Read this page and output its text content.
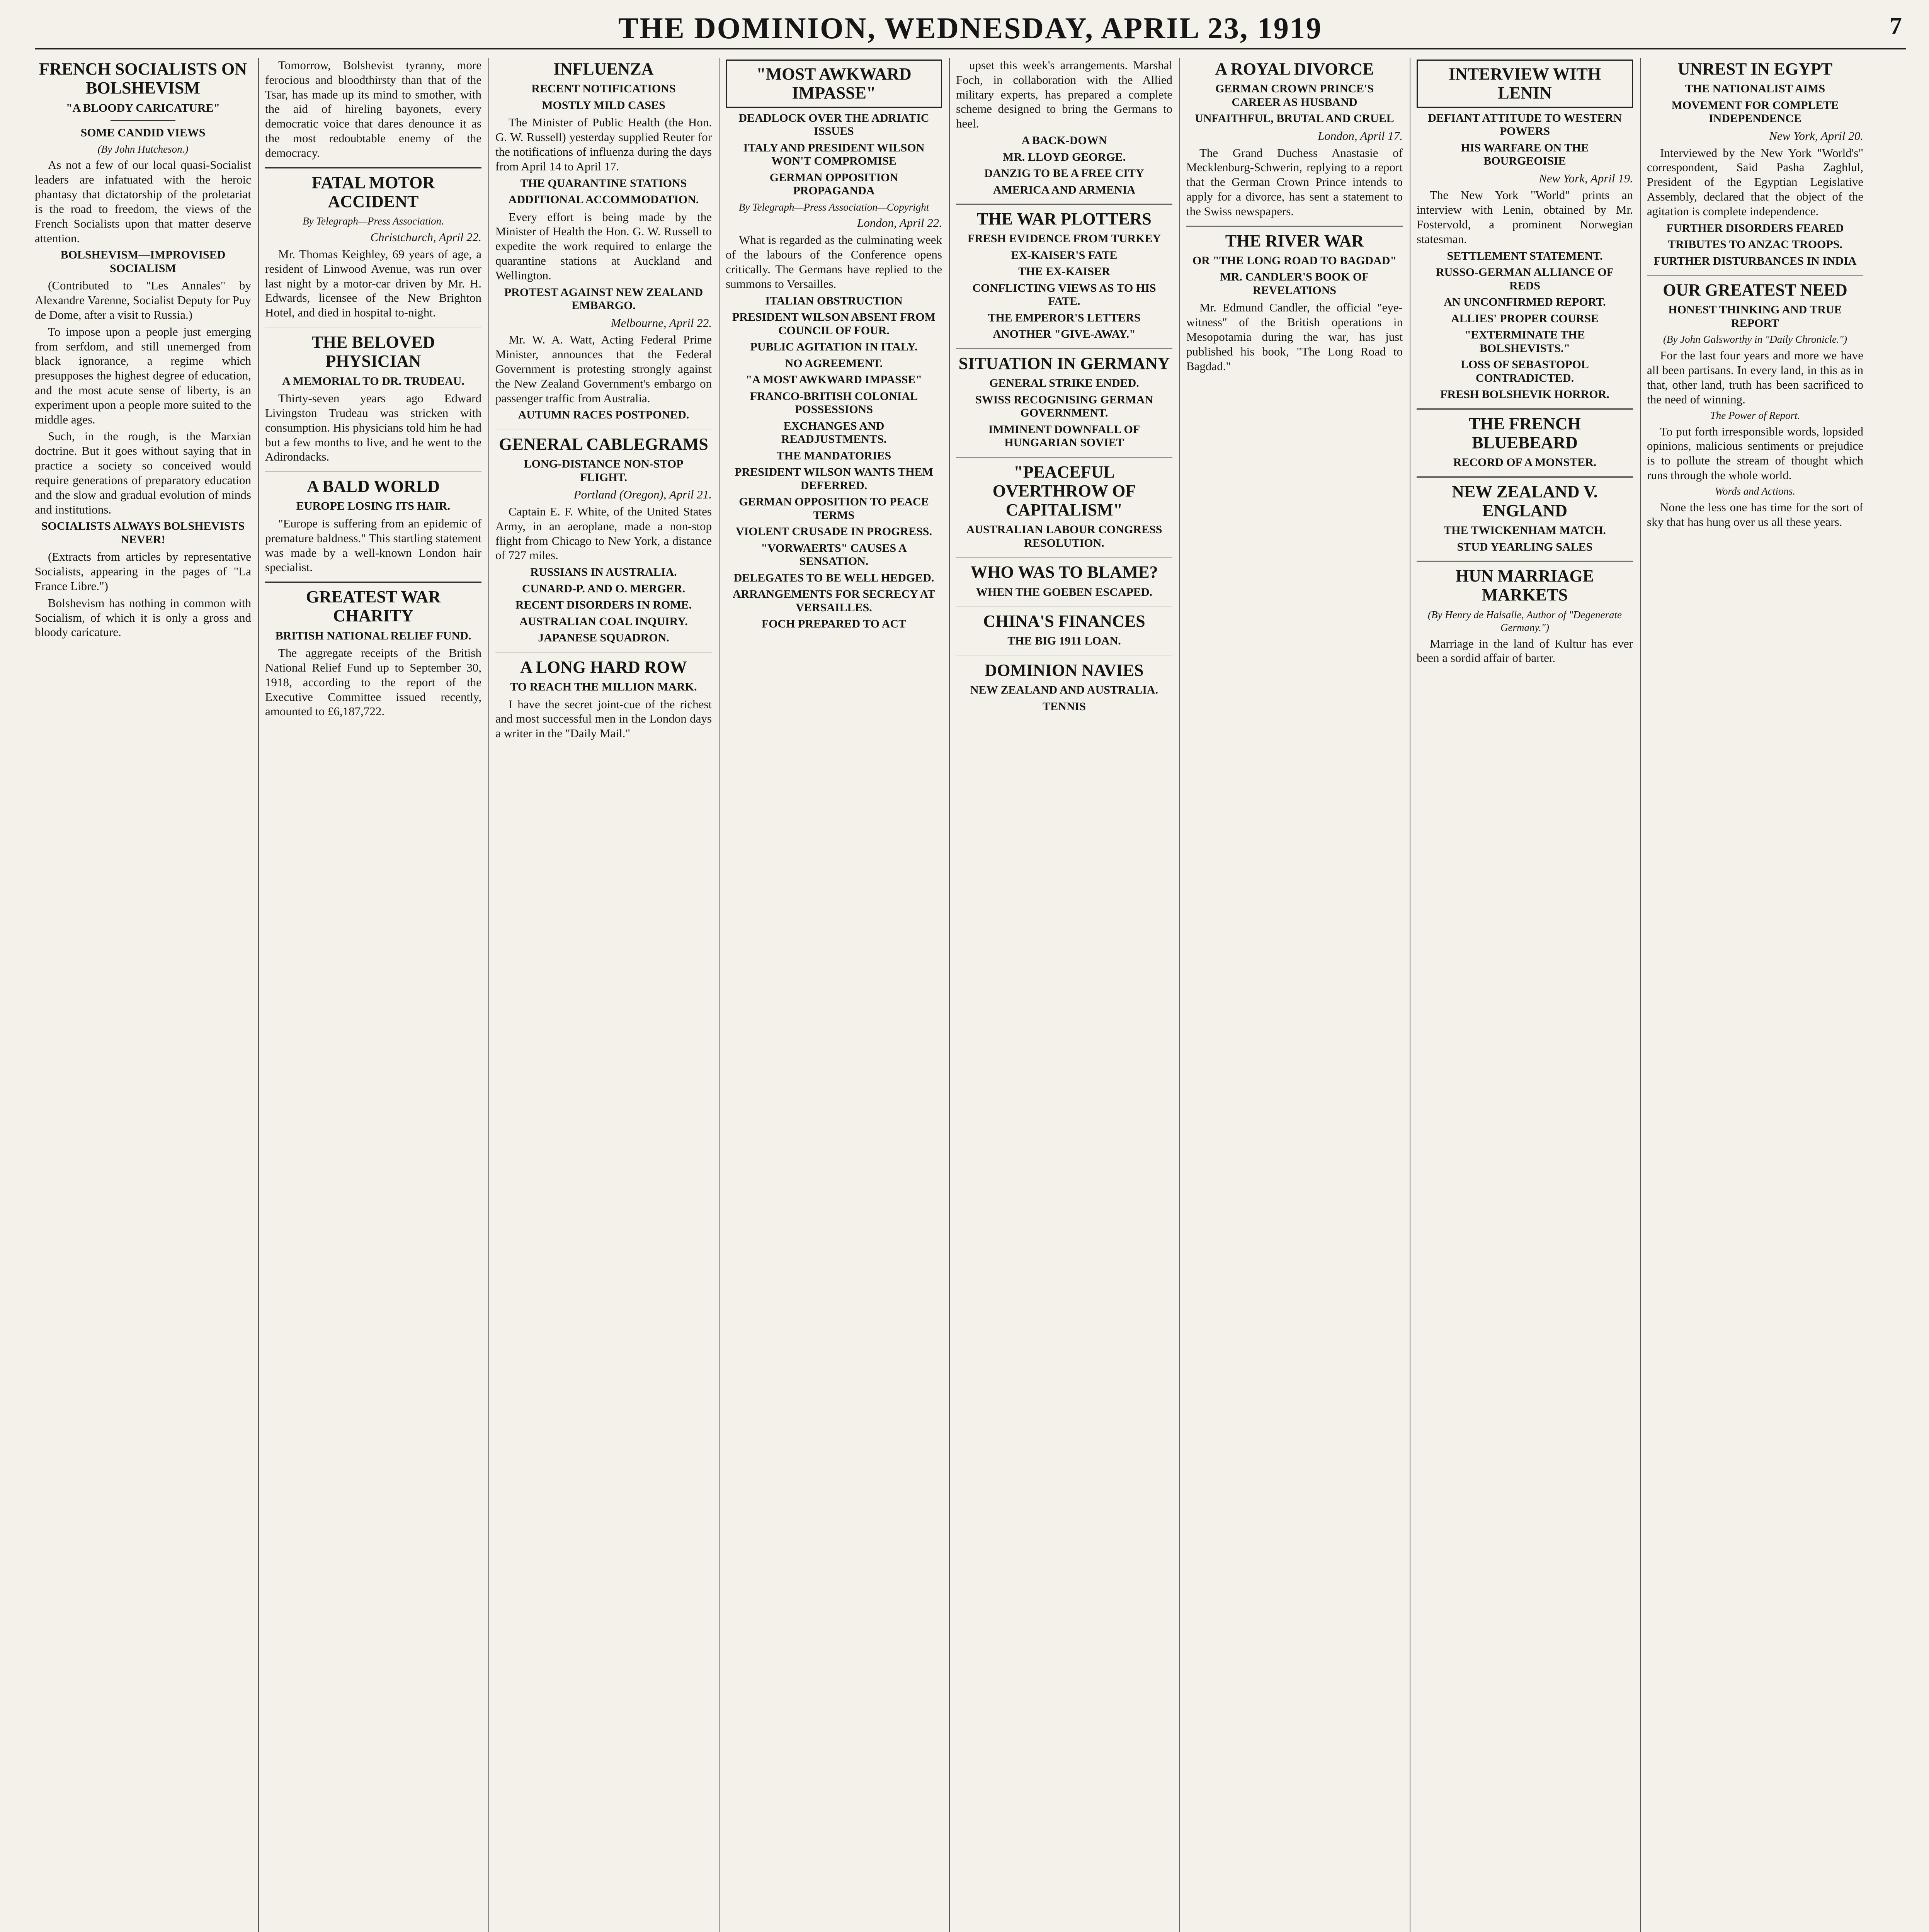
THE DOMINION, WEDNESDAY, APRIL 23, 1919	7
FRENCH SOCIALISTS ON BOLSHEVISM
"A BLOODY CARICATURE"
SOME CANDID VIEWS
(By John Hutcheson.)

As not a few of our local quasi-Socialist leaders are infatuated with the heroic phantasy that dictatorship of the proletariat is the road to freedom, the views of the French Socialists upon that matter deserve attention.

BOLSHEVISM—IMPROVISED SOCIALISM

(Contributed to "Les Annales" by Alexandre Varenne, Socialist Deputy for Puy de Dome, after a visit to Russia.)

To impose upon a people just emerging from serfdom, and still unemerged from black ignorance, a regime which presupposes the highest degree of education, and the most acute sense of liberty, is an experiment upon a people more suited to the middle ages.

Such, in the rough, is the Marxian doctrine. But it goes without saying that in practice a society so conceived would require generations of preparatory education and the slow and gradual evolution of minds and institutions.

SOCIALISTS ALWAYS BOLSHEVISTS NEVER!

(Extracts from articles by representative Socialists, appearing in the pages of "La France Libre.")

Bolshevism has nothing in common with Socialism, of which it is only a gross and bloody caricature.

Tomorrow, Bolshevist tyranny, more ferocious and bloodthirsty than that of the Tsar, has made up its mind to smother, with the aid of hireling bayonets, every democratic voice that dares denounce it as the most redoubtable enemy of the democracy.

FATAL MOTOR ACCIDENT
By Telegraph—Press Association.

Christchurch, April 22.

Mr. Thomas Keighley, 69 years of age, a resident of Linwood Avenue, was run over last night by a motor-car driven by Mr. H. Edwards, licensee of the New Brighton Hotel, and died in hospital to-night.

THE BELOVED PHYSICIAN
A MEMORIAL TO DR. TRUDEAU.

Thirty-seven years ago Edward Livingston Trudeau was stricken with consumption. His physicians told him he had but a few months to live, and he went to the Adirondacks.

A BALD WORLD
EUROPE LOSING ITS HAIR.

"Europe is suffering from an epidemic of premature baldness." This startling statement was made by a well-known London hair specialist.

GREATEST WAR CHARITY
BRITISH NATIONAL RELIEF FUND.

The aggregate receipts of the British National Relief Fund up to September 30, 1918, according to the report of the Executive Committee issued recently, amounted to £6,187,722.

INFLUENZA
RECENT NOTIFICATIONS
MOSTLY MILD CASES

The Minister of Public Health (the Hon. G. W. Russell) yesterday supplied Reuter for the notifications of influenza during the days from April 14 to April 17.

THE QUARANTINE STATIONS
ADDITIONAL ACCOMMODATION.

Every effort is being made by the Minister of Health the Hon. G. W. Russell to expedite the work required to enlarge the quarantine stations at Auckland and Wellington.

PROTEST AGAINST NEW ZEALAND EMBARGO.

Melbourne, April 22.

Mr. W. A. Watt, Acting Federal Prime Minister, announces that the Federal Government is protesting strongly against the New Zealand Government's embargo on passenger traffic from Australia.

AUTUMN RACES POSTPONED.
GENERAL CABLEGRAMS
LONG-DISTANCE NON-STOP FLIGHT.

Portland (Oregon), April 21.

Captain E. F. White, of the United States Army, in an aeroplane, made a non-stop flight from Chicago to New York, a distance of 727 miles.

RUSSIANS IN AUSTRALIA.
CUNARD-P. AND O. MERGER.
RECENT DISORDERS IN ROME.
AUSTRALIAN COAL INQUIRY.
JAPANESE SQUADRON.
A LONG HARD ROW
TO REACH THE MILLION MARK.

I have the secret joint-cue of the richest and most successful men in the London days a writer in the "Daily Mail."

"MOST AWKWARD IMPASSE"
DEADLOCK OVER THE ADRIATIC ISSUES
ITALY AND PRESIDENT WILSON WON'T COMPROMISE
GERMAN OPPOSITION PROPAGANDA
By Telegraph—Press Association—Copyright

London, April 22.

What is regarded as the culminating week of the labours of the Conference opens critically. The Germans have replied to the summons to Versailles.

ITALIAN OBSTRUCTION
PRESIDENT WILSON ABSENT FROM COUNCIL OF FOUR.
PUBLIC AGITATION IN ITALY.
NO AGREEMENT.
"A MOST AWKWARD IMPASSE"
FRANCO-BRITISH COLONIAL POSSESSIONS
EXCHANGES AND READJUSTMENTS.
THE MANDATORIES
PRESIDENT WILSON WANTS THEM DEFERRED.
GERMAN OPPOSITION TO PEACE TERMS
VIOLENT CRUSADE IN PROGRESS.
"VORWAERTS" CAUSES A SENSATION.
DELEGATES TO BE WELL HEDGED.
ARRANGEMENTS FOR SECRECY AT VERSAILLES.
FOCH PREPARED TO ACT

upset this week's arrangements. Marshal Foch, in collaboration with the Allied military experts, has prepared a complete scheme designed to bring the Germans to heel.

A BACK-DOWN
MR. LLOYD GEORGE.
DANZIG TO BE A FREE CITY
AMERICA AND ARMENIA
THE WAR PLOTTERS
FRESH EVIDENCE FROM TURKEY
EX-KAISER'S FATE
THE EX-KAISER
CONFLICTING VIEWS AS TO HIS FATE.
THE EMPEROR'S LETTERS
ANOTHER "GIVE-AWAY."
SITUATION IN GERMANY
GENERAL STRIKE ENDED.
SWISS RECOGNISING GERMAN GOVERNMENT.
IMMINENT DOWNFALL OF HUNGARIAN SOVIET
"PEACEFUL OVERTHROW OF CAPITALISM"
AUSTRALIAN LABOUR CONGRESS RESOLUTION.
WHO WAS TO BLAME?
WHEN THE GOEBEN ESCAPED.
CHINA'S FINANCES
THE BIG 1911 LOAN.
DOMINION NAVIES
NEW ZEALAND AND AUSTRALIA.
TENNIS
A ROYAL DIVORCE
GERMAN CROWN PRINCE'S CAREER AS HUSBAND
UNFAITHFUL, BRUTAL AND CRUEL

London, April 17.

The Grand Duchess Anastasie of Mecklenburg-Schwerin, replying to a report that the German Crown Prince intends to apply for a divorce, has sent a statement to the Swiss newspapers.

THE RIVER WAR
OR "THE LONG ROAD TO BAGDAD"
MR. CANDLER'S BOOK OF REVELATIONS

Mr. Edmund Candler, the official "eye-witness" of the British operations in Mesopotamia during the war, has just published his book, "The Long Road to Bagdad."

INTERVIEW WITH LENIN
DEFIANT ATTITUDE TO WESTERN POWERS
HIS WARFARE ON THE BOURGEOISIE

New York, April 19.

The New York "World" prints an interview with Lenin, obtained by Mr. Fostervold, a prominent Norwegian statesman.

SETTLEMENT STATEMENT.
RUSSO-GERMAN ALLIANCE OF REDS
AN UNCONFIRMED REPORT.
ALLIES' PROPER COURSE
"EXTERMINATE THE BOLSHEVISTS."
LOSS OF SEBASTOPOL CONTRADICTED.
FRESH BOLSHEVIK HORROR.
THE FRENCH BLUEBEARD
RECORD OF A MONSTER.
NEW ZEALAND V. ENGLAND
THE TWICKENHAM MATCH.
STUD YEARLING SALES
HUN MARRIAGE MARKETS
(By Henry de Halsalle, Author of "Degenerate Germany.")

Marriage in the land of Kultur has ever been a sordid affair of barter.

UNREST IN EGYPT
THE NATIONALIST AIMS
MOVEMENT FOR COMPLETE INDEPENDENCE

New York, April 20.

Interviewed by the New York "World's" correspondent, Said Pasha Zaghlul, President of the Egyptian Legislative Assembly, declared that the object of the agitation is complete independence.

FURTHER DISORDERS FEARED
TRIBUTES TO ANZAC TROOPS.
FURTHER DISTURBANCES IN INDIA
OUR GREATEST NEED
HONEST THINKING AND TRUE REPORT
(By John Galsworthy in "Daily Chronicle.")

For the last four years and more we have all been partisans. In every land, in this as in that, other land, truth has been sacrificed to the need of winning.

The Power of Report.

To put forth irresponsible words, lopsided opinions, malicious sentiments or prejudice is to pollute the stream of thought which runs through the whole world.

Words and Actions.

None the less one has time for the sort of sky that has hung over us all these years.
